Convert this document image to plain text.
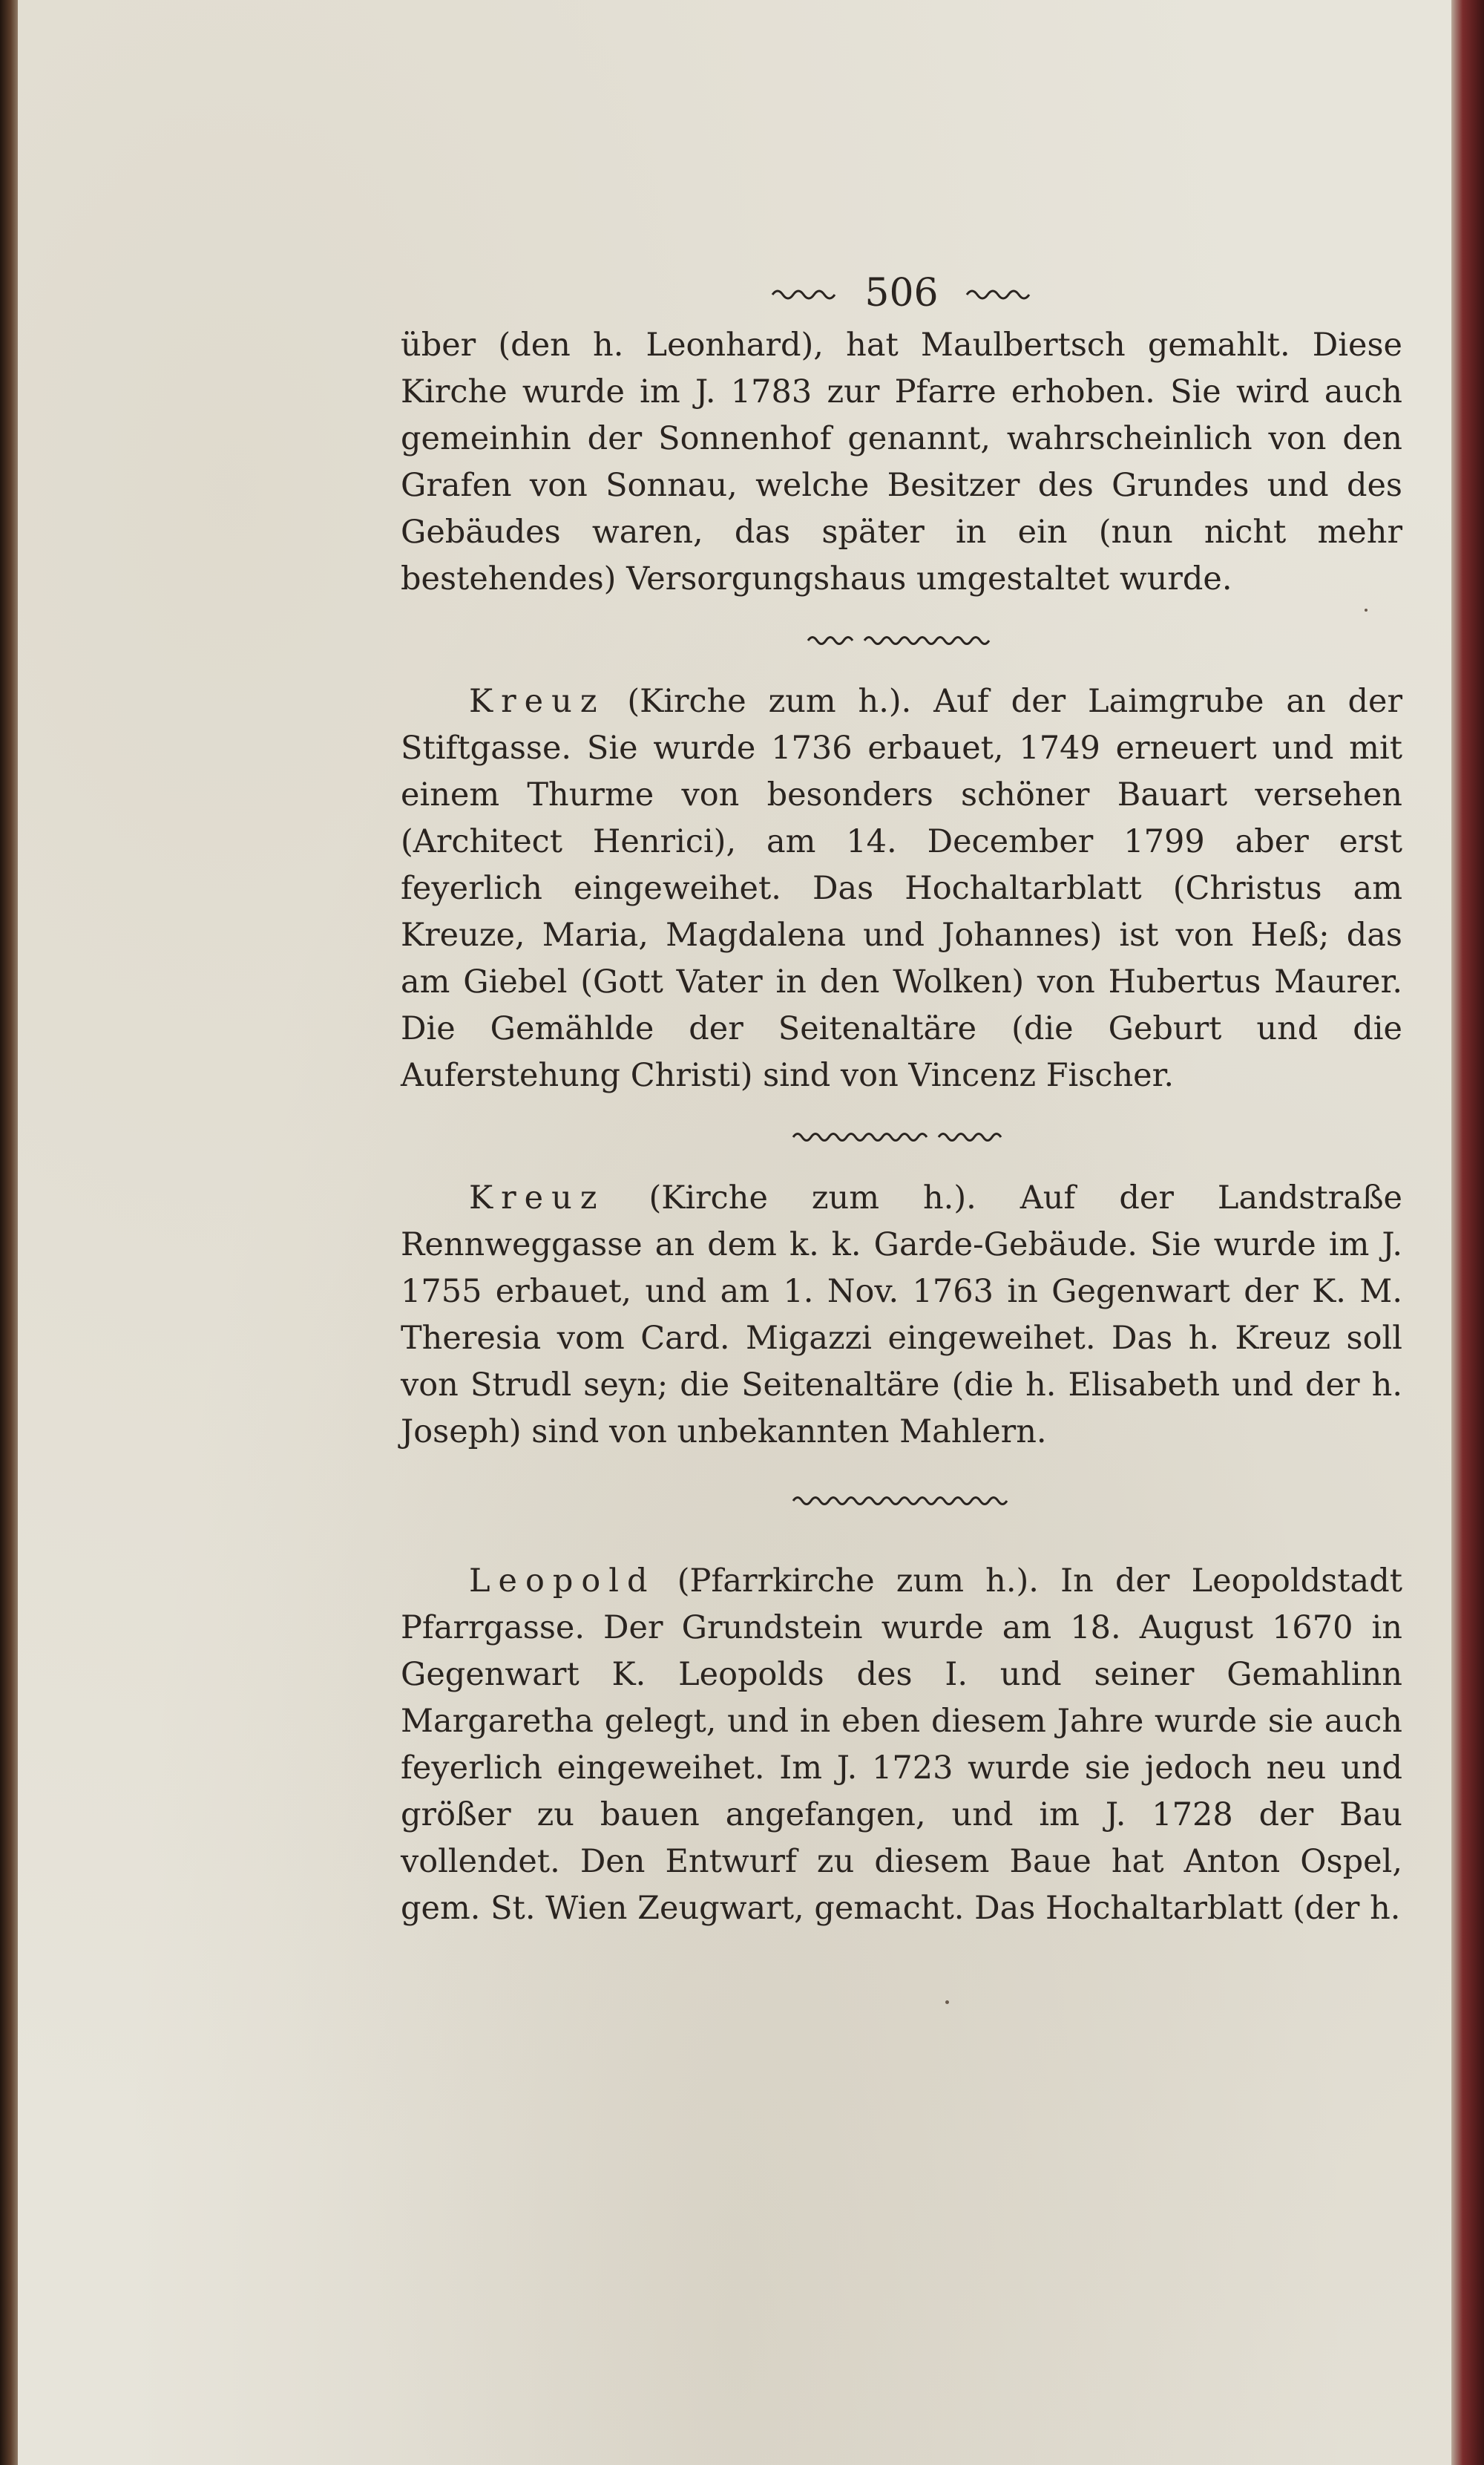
506

über (den h. Leonhard), hat Maulbertsch gemahlt. Diese Kirche wurde im J. 1783 zur Pfarre erhoben. Sie wird auch gemeinhin der Sonnenhof genannt, wahrscheinlich von den Grafen von Sonnau, welche Besitzer des Grundes und des Gebäudes waren, das später in ein (nun nicht mehr bestehendes) Versorgungshaus umgestaltet wurde.

Kreuz (Kirche zum h.). Auf der Laimgrube an der Stiftgasse. Sie wurde 1736 erbauet, 1749 erneuert und mit einem Thurme von besonders schöner Bauart versehen (Architect Henrici), am 14. December 1799 aber erst feyerlich eingeweihet. Das Hochaltarblatt (Christus am Kreuze, Maria, Magdalena und Johannes) ist von Heß; das am Giebel (Gott Vater in den Wolken) von Hubertus Maurer. Die Gemählde der Seitenaltäre (die Geburt und die Auferstehung Christi) sind von Vincenz Fischer.

Kreuz (Kirche zum h.). Auf der Landstraße Rennweggasse an dem k. k. Garde-Gebäude. Sie wurde im J. 1755 erbauet, und am 1. Nov. 1763 in Gegenwart der K. M. Theresia vom Card. Migazzi eingeweihet. Das h. Kreuz soll von Strudl seyn; die Seitenaltäre (die h. Elisabeth und der h. Joseph) sind von unbekannten Mahlern.

Leopold (Pfarrkirche zum h.). In der Leopoldstadt Pfarrgasse. Der Grundstein wurde am 18. August 1670 in Gegenwart K. Leopolds des I. und seiner Gemahlinn Margaretha gelegt, und in eben diesem Jahre wurde sie auch feyerlich eingeweihet. Im J. 1723 wurde sie jedoch neu und größer zu bauen angefangen, und im J. 1728 der Bau vollendet. Den Entwurf zu diesem Baue hat Anton Ospel, gem. St. Wien Zeugwart, gemacht. Das Hochaltarblatt (der h.
